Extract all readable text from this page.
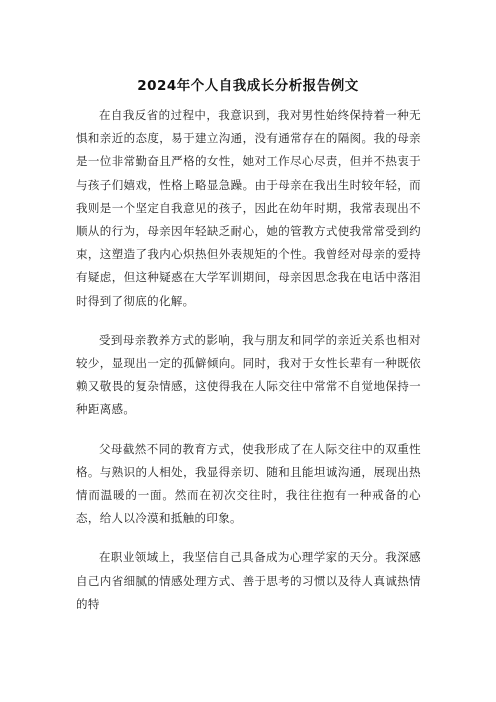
2024年个人自我成长分析报告例文

在自我反省的过程中，我意识到，我对男性始终保持着一种无惧和亲近的态度，易于建立沟通，没有通常存在的隔阂。我的母亲是一位非常勤奋且严格的女性，她对工作尽心尽责，但并不热衷于与孩子们嬉戏，性格上略显急躁。由于母亲在我出生时较年轻，而我则是一个坚定自我意见的孩子，因此在幼年时期，我常表现出不顺从的行为，母亲因年轻缺乏耐心，她的管教方式使我常常受到约束，这塑造了我内心炽热但外表规矩的个性。我曾经对母亲的爱持有疑虑，但这种疑惑在大学军训期间，母亲因思念我在电话中落泪时得到了彻底的化解。

受到母亲教养方式的影响，我与朋友和同学的亲近关系也相对较少，显现出一定的孤僻倾向。同时，我对于女性长辈有一种既依赖又敬畏的复杂情感，这使得我在人际交往中常常不自觉地保持一种距离感。

父母截然不同的教育方式，使我形成了在人际交往中的双重性格。与熟识的人相处，我显得亲切、随和且能坦诚沟通，展现出热情而温暖的一面。然而在初次交往时，我往往抱有一种戒备的心态，给人以冷漠和抵触的印象。

在职业领域上，我坚信自己具备成为心理学家的天分。我深感自己内省细腻的情感处理方式、善于思考的习惯以及待人真诚热情的特
